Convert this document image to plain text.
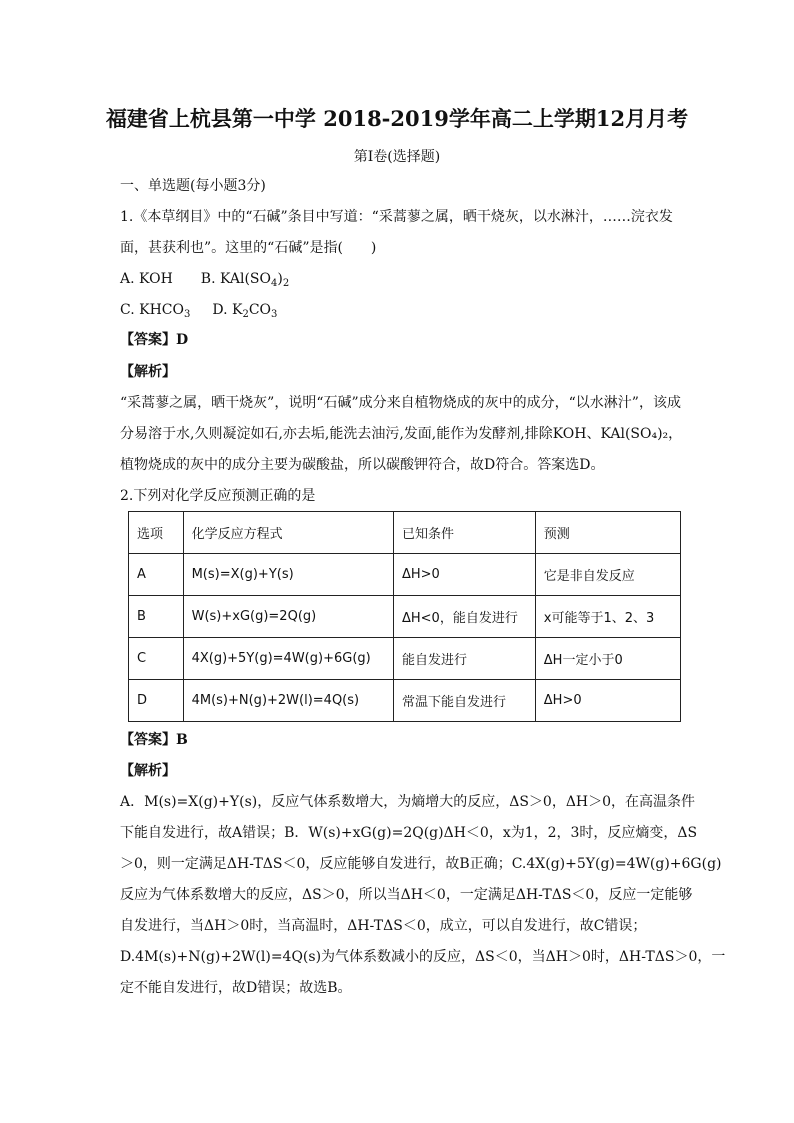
福建省上杭县第一中学 2018-2019学年高二上学期12月月考
第I卷(选择题)
一、单选题(每小题3分)
1.《本草纲目》中的“石碱”条目中写道：“采蒿蓼之属，晒干烧灰，以水淋汁，……浣衣发
面，甚获利也”。这里的“石碱”是指(　　)
A. KOH B. $KAl(SO_4)_2$
C. $KHCO_3$ D. $K_2CO_3$
【答案】D
【解析】
“采蒿蓼之属，晒干烧灰”，说明“石碱”成分来自植物烧成的灰中的成分，“以水淋汁”，该成
分易溶于水,久则凝淀如石,亦去垢,能洗去油污,发面,能作为发酵剂,排除KOH、KAl(SO₄)₂，
植物烧成的灰中的成分主要为碳酸盐，所以碳酸钾符合，故D符合。答案选D。
2.下列对化学反应预测正确的是
选项	化学反应方程式	已知条件	预测
A	M(s)=X(g)+Y(s)	ΔH>0	它是非自发反应
B	W(s)+xG(g)=2Q(g)	ΔH<0，能自发进行	x可能等于1、2、3
C	4X(g)+5Y(g)=4W(g)+6G(g)	能自发进行	ΔH一定小于0
D	4M(s)+N(g)+2W(l)=4Q(s)	常温下能自发进行	ΔH>0
【答案】B
【解析】
A．M(s)=X(g)+Y(s)，反应气体系数增大，为熵增大的反应，ΔS＞0，ΔH＞0，在高温条件
下能自发进行，故A错误；B．W(s)+xG(g)=2Q(g)ΔH＜0，x为1，2，3时，反应熵变，ΔS
＞0，则一定满足ΔH-TΔS＜0，反应能够自发进行，故B正确；C.4X(g)+5Y(g)=4W(g)+6G(g)
反应为气体系数增大的反应，ΔS＞0，所以当ΔH＜0，一定满足ΔH-TΔS＜0，反应一定能够
自发进行，当ΔH＞0时，当高温时，ΔH-TΔS＜0，成立，可以自发进行，故C错误；
D.4M(s)+N(g)+2W(l)=4Q(s)为气体系数减小的反应，ΔS＜0，当ΔH＞0时，ΔH-TΔS＞0，一
定不能自发进行，故D错误；故选B。
